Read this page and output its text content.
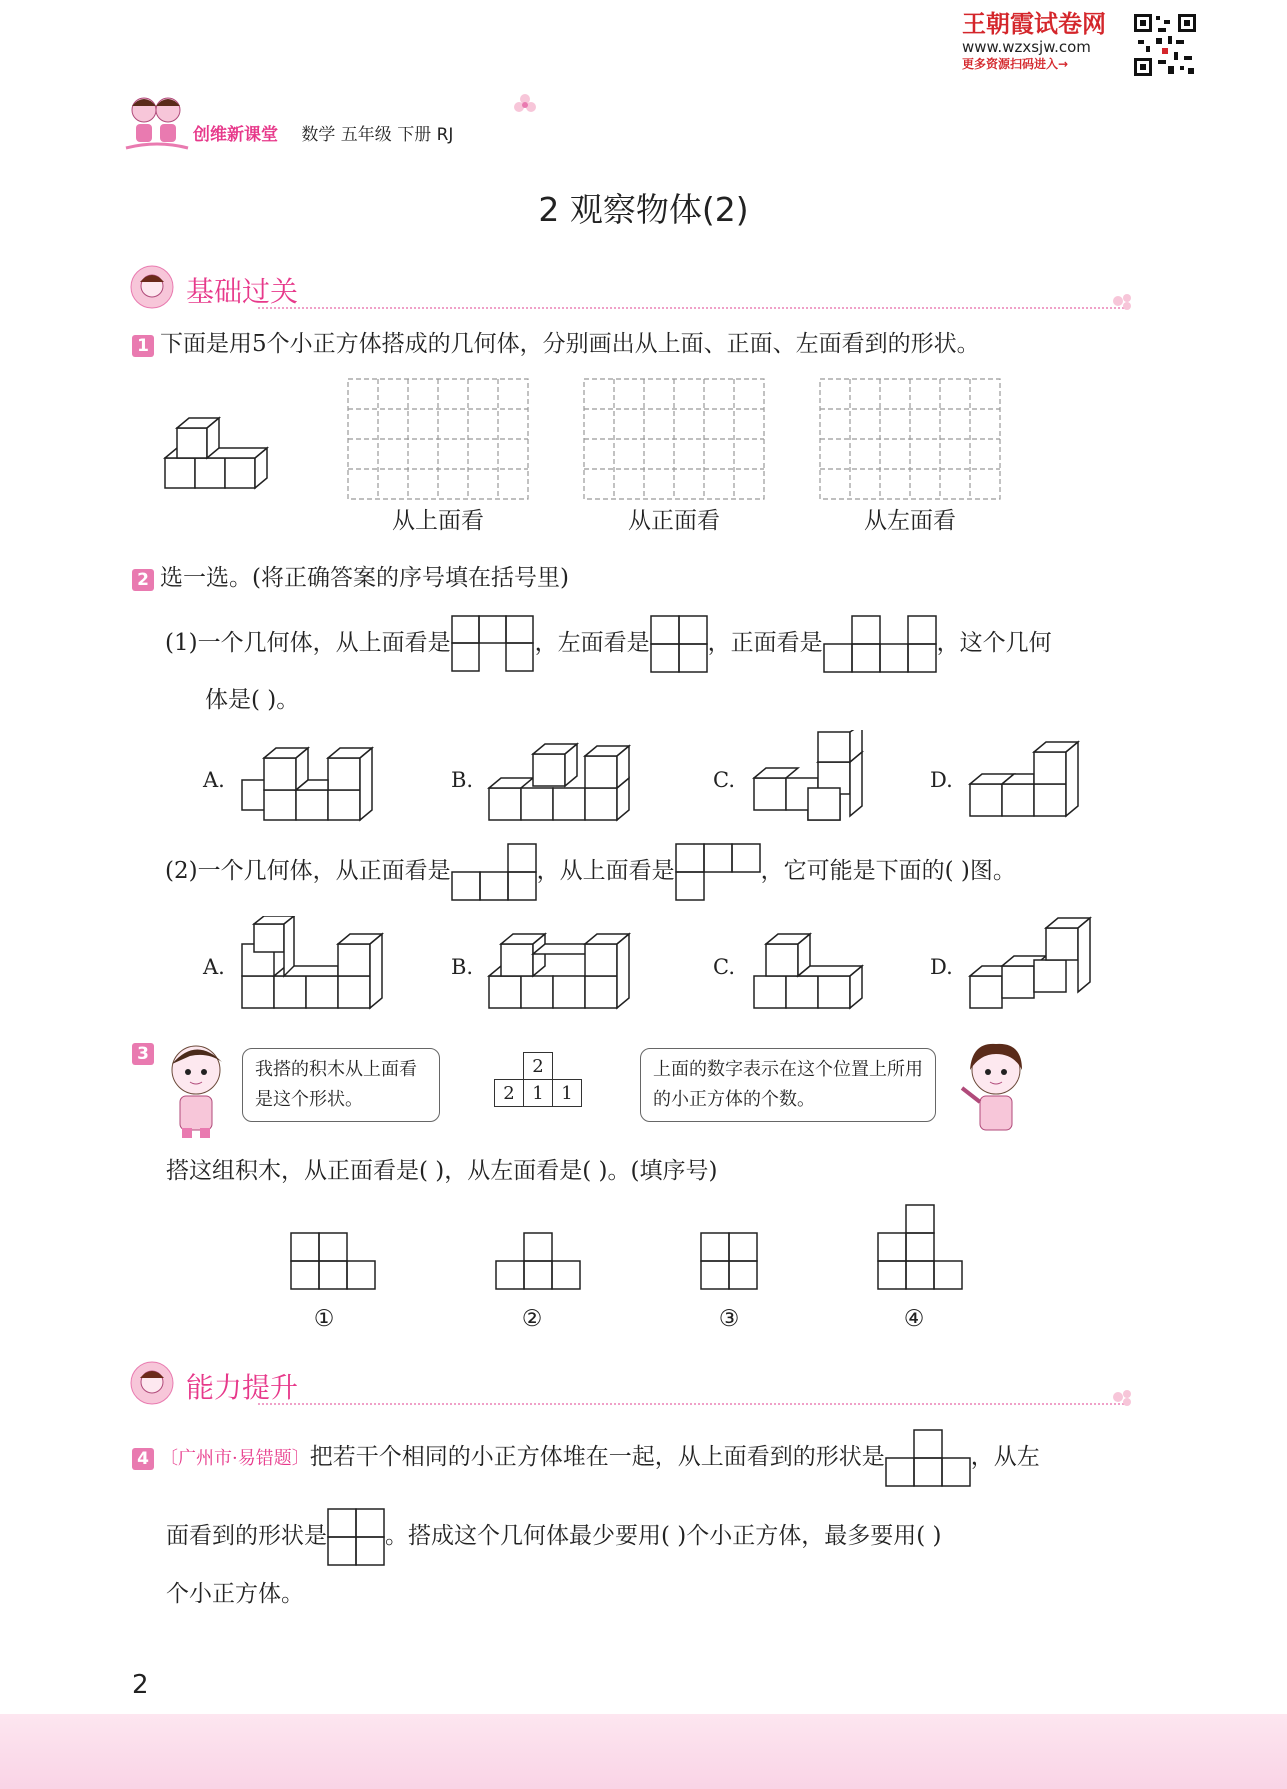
王朝霞试卷网
www.wzxsjw.com
更多资源扫码进入→
创维新课堂 数学 五年级 下册 RJ
2 观察物体(2)
基础过关
1 下面是用5个小正方体搭成的几何体，分别画出从上面、正面、左面看到的形状。
从上面看	从正面看	从左面看
2 选一选。(将正确答案的序号填在括号里)
(1)一个几何体，从上面看是	，左面看是	，正面看是	，这个几何
体是( )。
A.	B.	C.	D.
(2)一个几何体，从正面看是	，从上面看是	，它可能是下面的( )图。
A.	B.	C.	D.
3
我搭的积木从上面看是这个形状。
	2	
2	1	1
上面的数字表示在这个位置上所用的小正方体的个数。
搭这组积木，从正面看是( )，从左面看是( )。(填序号)
①	②	③	④
能力提升
4 〔广州市·易错题〕把若干个相同的小正方体堆在一起，从上面看到的形状是	，从左
面看到的形状是	。搭成这个几何体最少要用( )个小正方体，最多要用( )
个小正方体。
2
